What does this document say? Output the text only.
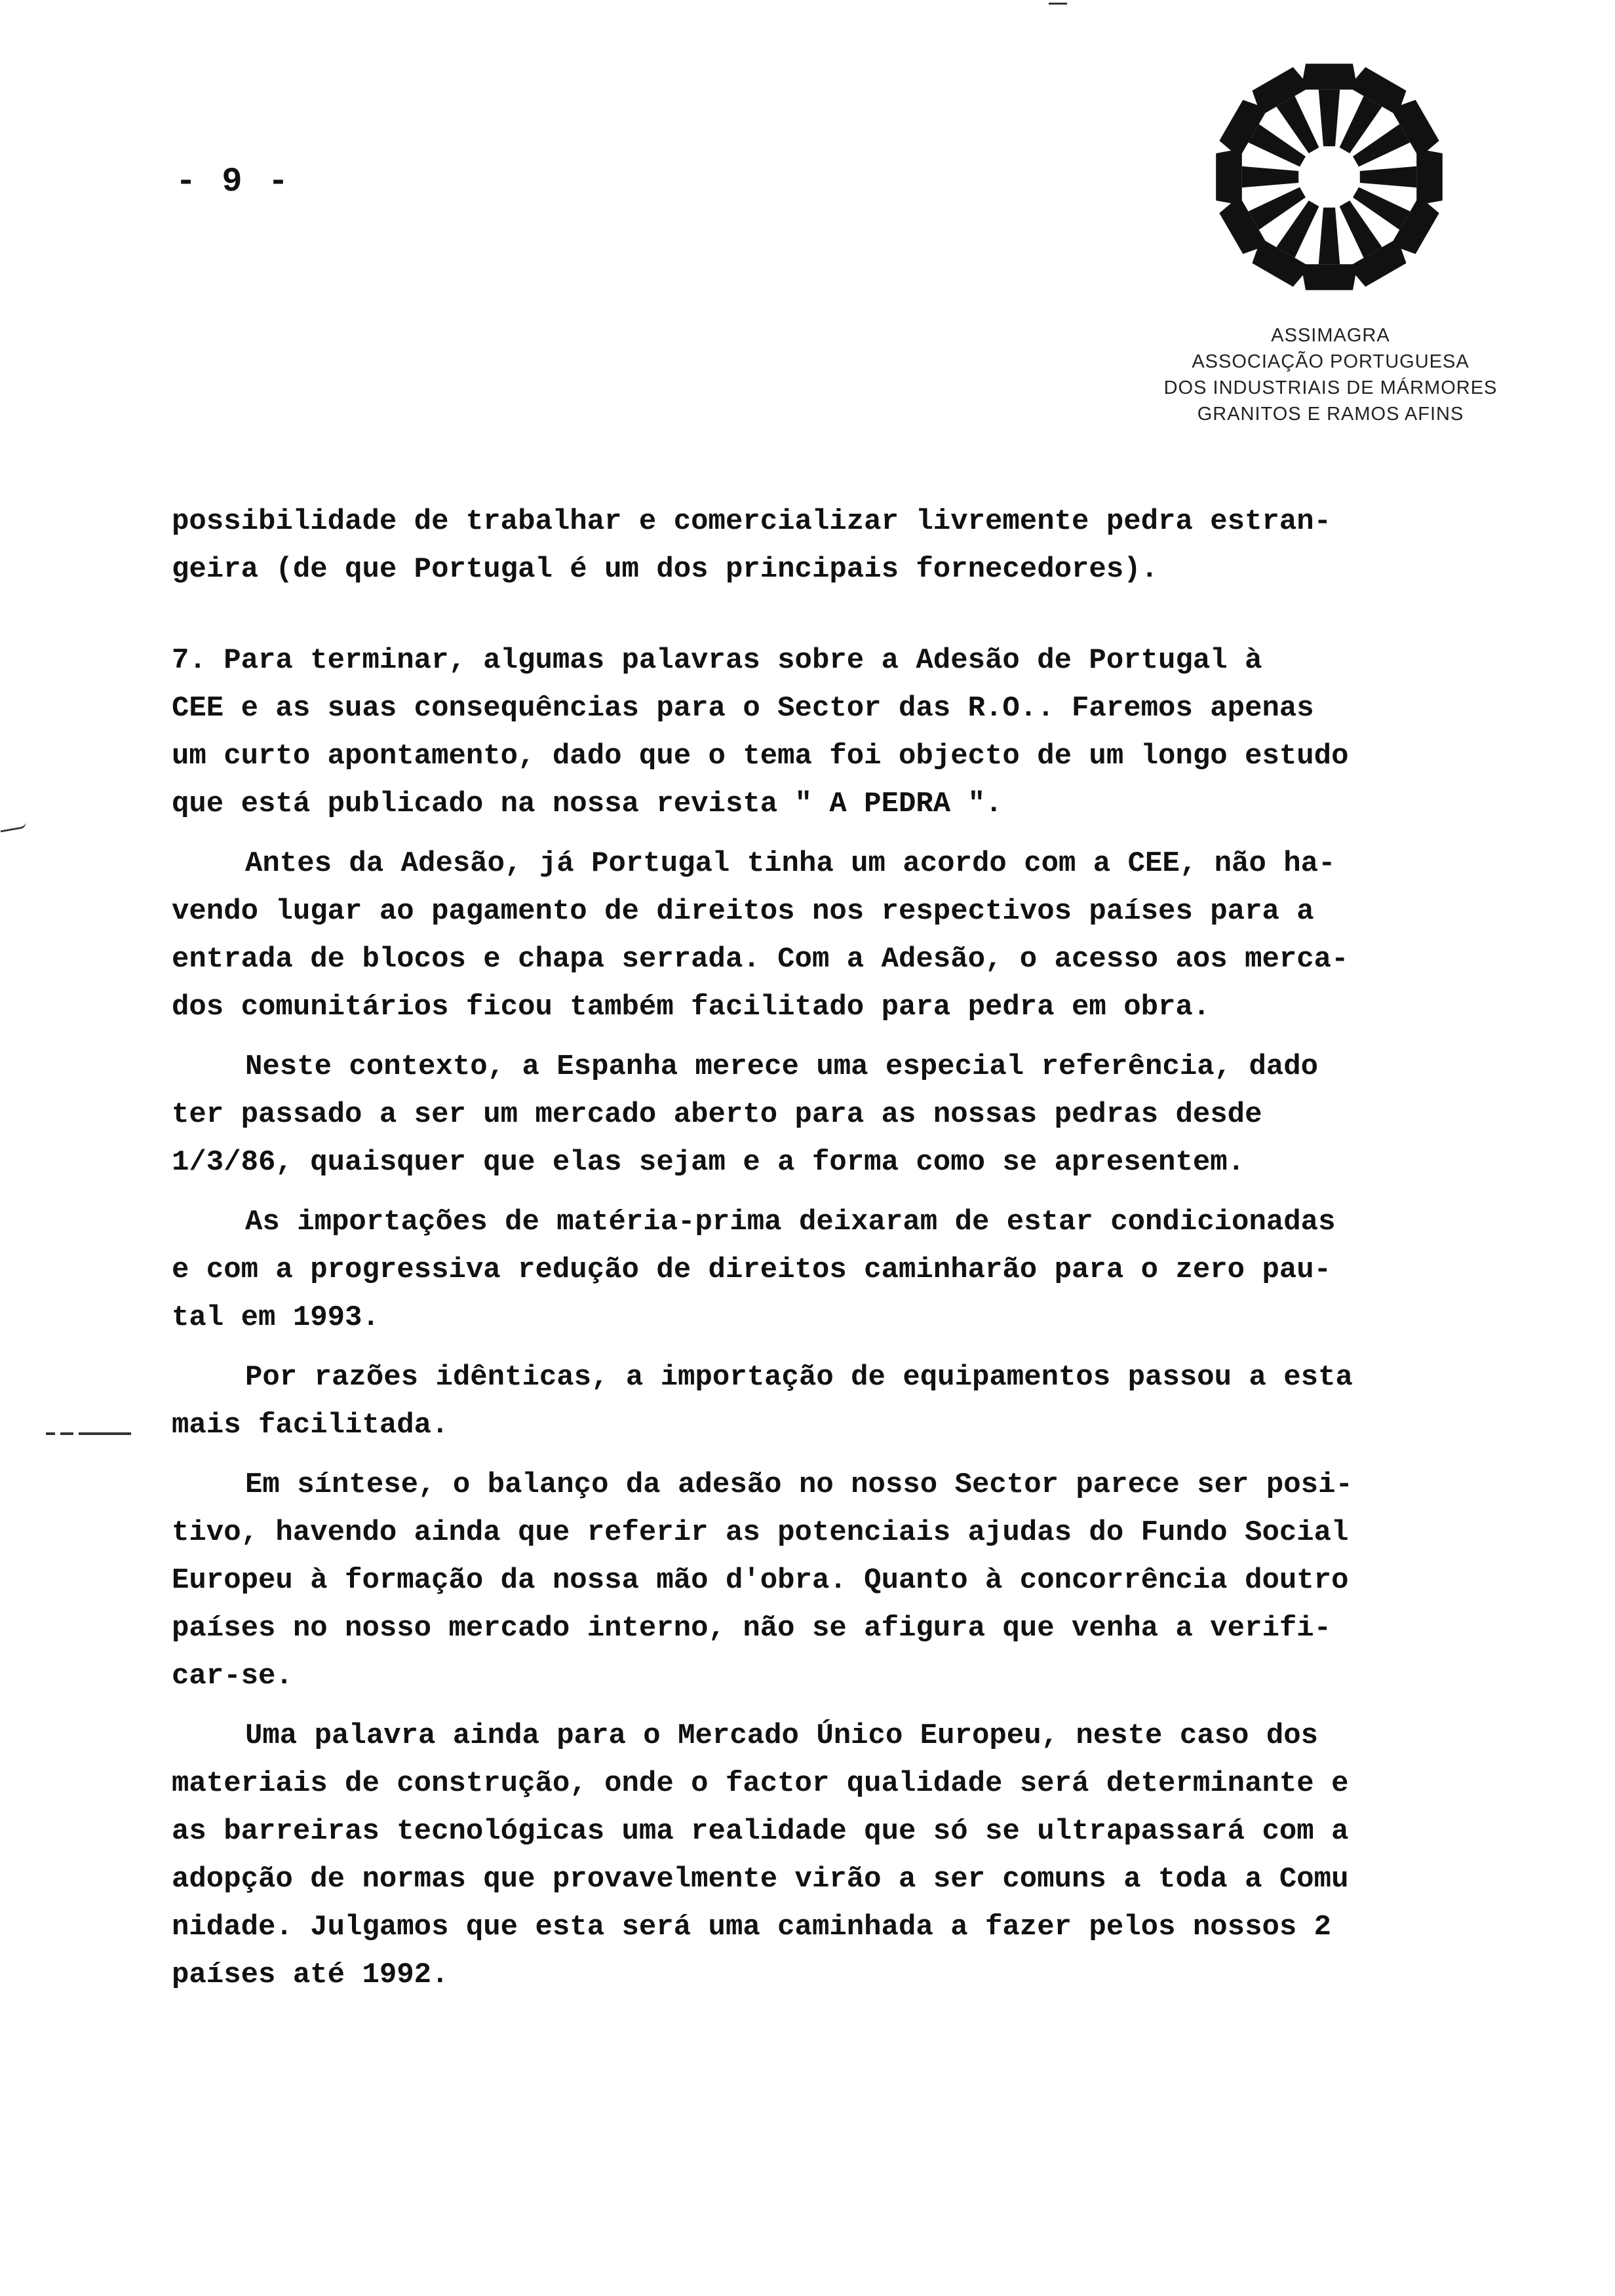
- 9 -
ASSIMAGRA
ASSOCIAÇÃO PORTUGUESA
DOS INDUSTRIAIS DE MÁRMORES
GRANITOS E RAMOS AFINS
possibilidade de trabalhar e comercializar livremente pedra estran-
geira (de que Portugal é um dos principais fornecedores).
7. Para terminar, algumas palavras sobre a Adesão de Portugal à
CEE e as suas consequências para o Sector das R.O.. Faremos apenas
um curto apontamento, dado que o tema foi objecto de um longo estudo
que está publicado na nossa revista " A PEDRA ".
Antes da Adesão, já Portugal tinha um acordo com a CEE, não ha-
vendo lugar ao pagamento de direitos nos respectivos países para a
entrada de blocos e chapa serrada. Com a Adesão, o acesso aos merca-
dos comunitários ficou também facilitado para pedra em obra.
Neste contexto, a Espanha merece uma especial referência, dado
ter passado a ser um mercado aberto para as nossas pedras desde
1/3/86, quaisquer que elas sejam e a forma como se apresentem.
As importações de matéria-prima deixaram de estar condicionadas
e com a progressiva redução de direitos caminharão para o zero pau-
tal em 1993.
Por razões idênticas, a importação de equipamentos passou a esta
mais facilitada.
Em síntese, o balanço da adesão no nosso Sector parece ser posi-
tivo, havendo ainda que referir as potenciais ajudas do Fundo Social
Europeu à formação da nossa mão d'obra. Quanto à concorrência doutro
países no nosso mercado interno, não se afigura que venha a verifi-
car-se.
Uma palavra ainda para o Mercado Único Europeu, neste caso dos
materiais de construção, onde o factor qualidade será determinante e
as barreiras tecnológicas uma realidade que só se ultrapassará com a
adopção de normas que provavelmente virão a ser comuns a toda a Comu
nidade. Julgamos que esta será uma caminhada a fazer pelos nossos 2
países até 1992.
